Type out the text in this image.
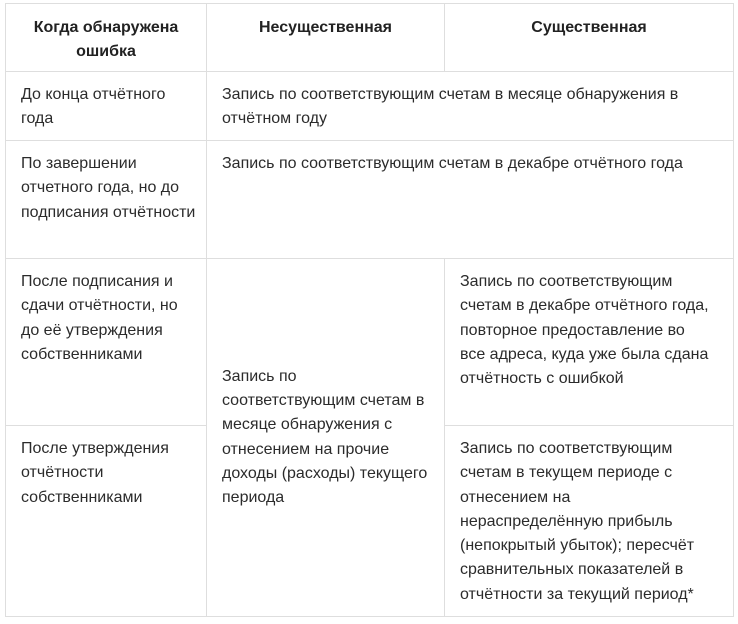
Когда обнаружена ошибка	Несущественная	Существенная

До конца отчётного года	Запись по соответствующим счетам в месяце обнаружения в отчётном году	
По завершении отчетного года, но до подписания отчётности	Запись по соответствующим счетам в декабре отчётного года	
После подписания и сдачи отчётности, но до её утверждения собственниками	Запись по соответствующим счетам в месяце обнаружения с отнесением на прочие доходы (расходы) текущего периода	Запись по соответствующим счетам в декабре отчётного года, повторное предоставление во все адреса, куда уже была сдана отчётность с ошибкой
После утверждения отчётности собственниками		Запись по соответствующим счетам в текущем периоде с отнесением на нераспределённую прибыль (непокрытый убыток); пересчёт сравнительных показателей в отчётности за текущий период*
